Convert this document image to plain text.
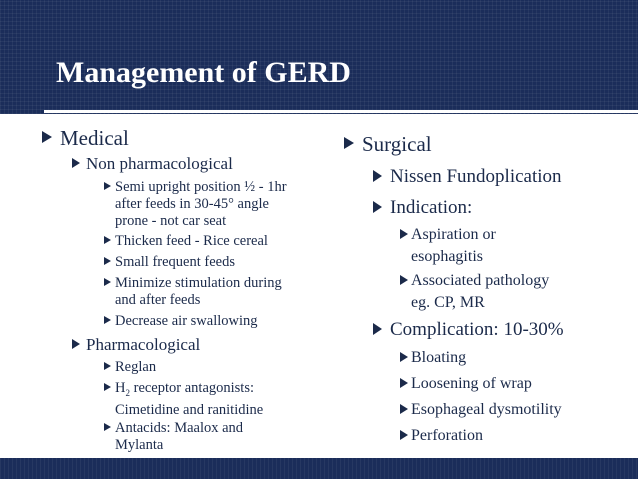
Management of GERD
Medical
Non pharmacological
Semi upright position ½ - 1hr
after feeds in 30-45° angle
prone - not car seat
Thicken feed - Rice cereal
Small frequent feeds
Minimize stimulation during
and after feeds
Decrease air swallowing
Pharmacological
Reglan
$H_2$ receptor antagonists:
Cimetidine and ranitidine
Antacids: Maalox and
Mylanta
Surgical
Nissen Fundoplication
Indication:
Aspiration or
esophagitis
Associated pathology
eg. CP, MR
Complication: 10-30%
Bloating
Loosening of wrap
Esophageal dysmotility
Perforation
